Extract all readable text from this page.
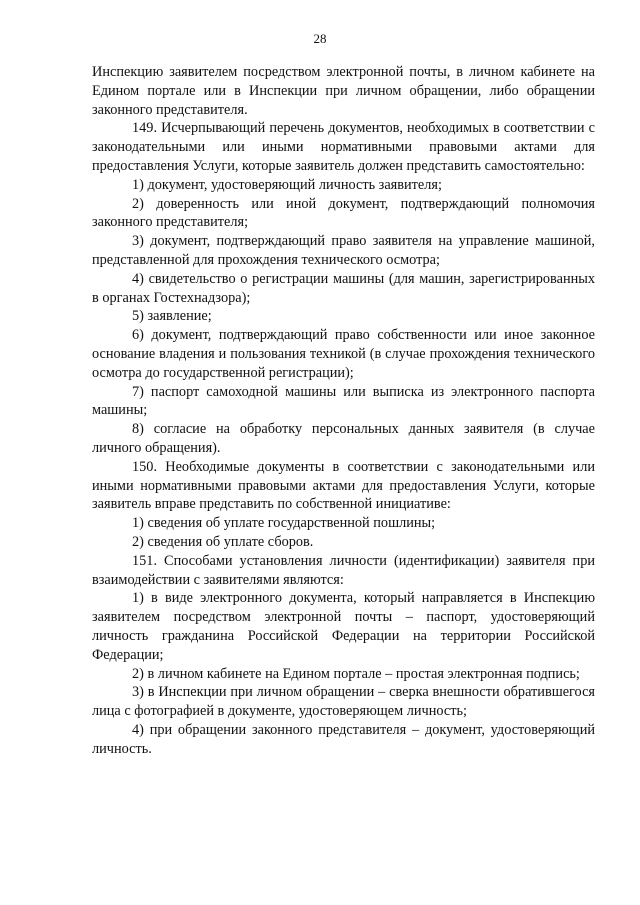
28

Инспекцию заявителем посредством электронной почты, в личном кабинете на Едином портале или в Инспекции при личном обращении, либо обращении законного представителя.

149. Исчерпывающий перечень документов, необходимых в соответствии с законодательными или иными нормативными правовыми актами для предоставления Услуги, которые заявитель должен представить самостоятельно:

1) документ, удостоверяющий личность заявителя;

2) доверенность или иной документ, подтверждающий полномочия законного представителя;

3) документ, подтверждающий право заявителя на управление машиной, представленной для прохождения технического осмотра;

4) свидетельство о регистрации машины (для машин, зарегистрированных в органах Гостехнадзора);

5) заявление;

6) документ, подтверждающий право собственности или иное законное основание владения и пользования техникой (в случае прохождения технического осмотра до государственной регистрации);

7) паспорт самоходной машины или выписка из электронного паспорта машины;

8) согласие на обработку персональных данных заявителя (в случае личного обращения).

150. Необходимые документы в соответствии с законодательными или иными нормативными правовыми актами для предоставления Услуги, которые заявитель вправе представить по собственной инициативе:

1) сведения об уплате государственной пошлины;

2) сведения об уплате сборов.

151. Способами установления личности (идентификации) заявителя при взаимодействии с заявителями являются:

1) в виде электронного документа, который направляется в Инспекцию заявителем посредством электронной почты – паспорт, удостоверяющий личность гражданина Российской Федерации на территории Российской Федерации;

2) в личном кабинете на Едином портале – простая электронная подпись;

3) в Инспекции при личном обращении – сверка внешности обратившегося лица с фотографией в документе, удостоверяющем личность;

4) при обращении законного представителя – документ, удостоверяющий личность.
